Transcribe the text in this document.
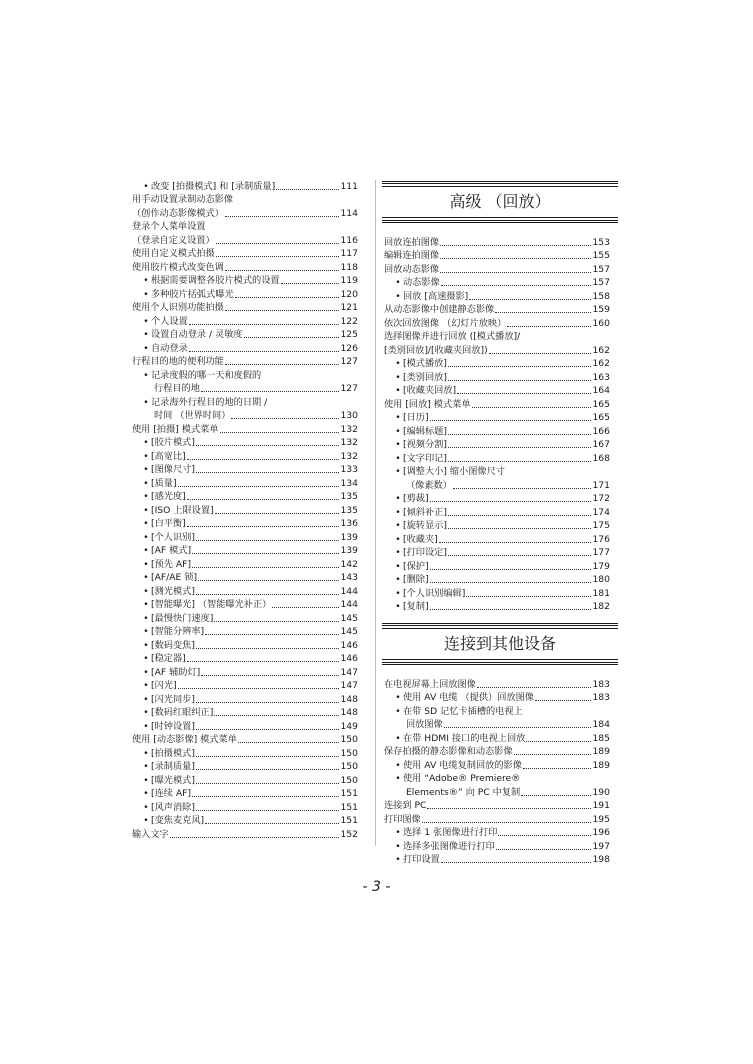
• 改变 [拍摄模式] 和 [录制质量]	111
用手动设置录制动态影像
（创作动态影像模式）	114
登录个人菜单设置
（登录自定义设置）	116
使用自定义模式拍摄	117
使用胶片模式改变色调	118
• 根据需要调整各胶片模式的设置	119
• 多种胶片括弧式曝光	120
使用个人识别功能拍摄	121
• 个人设置	122
• 设置自动登录 / 灵敏度	125
• 自动登录	126
行程目的地的便利功能	127
• 记录度假的哪一天和度假的
行程目的地	127
• 记录海外行程目的地的日期 /
时间 （世界时间）	130
使用 [拍摄] 模式菜单	132
• [胶片模式]	132
• [高宽比]	132
• [图像尺寸]	133
• [质量]	134
• [感光度]	135
• [ISO 上限设置]	135
• [白平衡]	136
• [个人识别]	139
• [AF 模式]	139
• [预先 AF]	142
• [AF/AE 锁]	143
• [测光模式]	144
• [智能曝光] （智能曝光补正）	144
• [最慢快门速度]	145
• [智能分辨率]	145
• [数码变焦]	146
• [稳定器]	146
• [AF 辅助灯]	147
• [闪光]	147
• [闪光同步]	148
• [数码红眼纠正]	148
• [时钟设置]	149
使用 [动态影像] 模式菜单	150
• [拍摄模式]	150
• [录制质量]	150
• [曝光模式]	150
• [连续 AF]	151
• [风声消除]	151
• [变焦麦克风]	151
输入文字	152
高级 （回放）
回放连拍图像	153
编辑连拍图像	155
回放动态影像	157
• 动态影像	157
• 回放 [高速摄影]	158
从动态影像中创建静态影像	159
依次回放图像 （幻灯片放映）	160
选择图像并进行回放 ([模式播放]/
[类别回放]/[收藏夹回放])	162
• [模式播放]	162
• [类别回放]	163
• [收藏夹回放]	164
使用 [回放] 模式菜单	165
• [日历]	165
• [编辑标题]	166
• [视频分割]	167
• [文字印记]	168
• [调整大小] 缩小图像尺寸
（像素数）	171
• [剪裁]	172
• [倾斜补正]	174
• [旋转显示]	175
• [收藏夹]	176
• [打印设定]	177
• [保护]	179
• [删除]	180
• [个人识别编辑]	181
• [复制]	182
连接到其他设备
在电视屏幕上回放图像	183
• 使用 AV 电缆 （提供）回放图像	183
• 在带 SD 记忆卡插槽的电视上
回放图像	184
• 在带 HDMI 接口的电视上回放	185
保存拍摄的静态影像和动态影像	189
• 使用 AV 电缆复制回放的影像	189
• 使用 “Adobe® Premiere®
Elements®” 向 PC 中复制	190
连接到 PC	191
打印图像	195
• 选择 1 张图像进行打印	196
• 选择多张图像进行打印	197
• 打印设置	198
- 3 -
